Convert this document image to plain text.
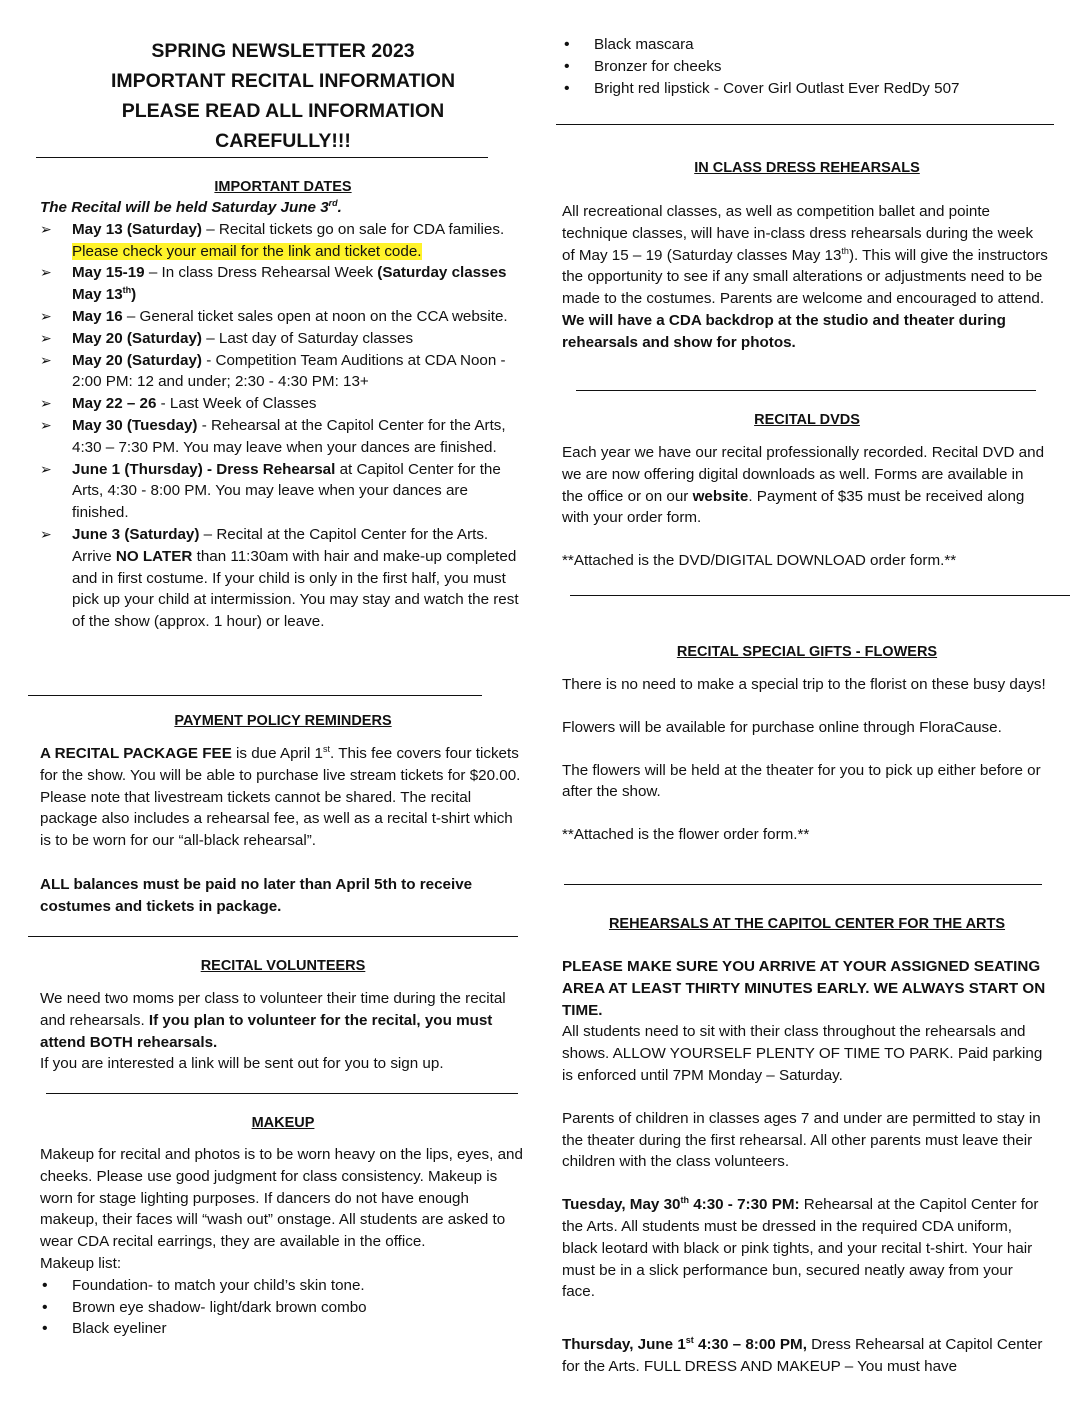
SPRING NEWSLETTER 2023
IMPORTANT RECITAL INFORMATION
PLEASE READ ALL INFORMATION
CAREFULLY!!!
IMPORTANT DATES

The Recital will be held Saturday June 3rd.

➢ May 13 (Saturday) – Recital tickets go on sale for CDA families. Please check your email for the link and ticket code.
➢ May 15-19 – In class Dress Rehearsal Week (Saturday classes May 13th)
➢ May 16 – General ticket sales open at noon on the CCA website.
➢ May 20 (Saturday) – Last day of Saturday classes
➢ May 20 (Saturday) - Competition Team Auditions at CDA Noon - 2:00 PM: 12 and under; 2:30 - 4:30 PM: 13+
➢ May 22 – 26 - Last Week of Classes
➢ May 30 (Tuesday) - Rehearsal at the Capitol Center for the Arts, 4:30 – 7:30 PM. You may leave when your dances are finished.
➢ June 1 (Thursday) - Dress Rehearsal at Capitol Center for the Arts, 4:30 - 8:00 PM. You may leave when your dances are finished.
➢ June 3 (Saturday) – Recital at the Capitol Center for the Arts. Arrive NO LATER than 11:30am with hair and make-up completed and in first costume. If your child is only in the first half, you must pick up your child at intermission. You may stay and watch the rest of the show (approx. 1 hour) or leave.
PAYMENT POLICY REMINDERS

A RECITAL PACKAGE FEE is due April 1st. This fee covers four tickets for the show. You will be able to purchase live stream tickets for $20.00. Please note that livestream tickets cannot be shared. The recital package also includes a rehearsal fee, as well as a recital t-shirt which is to be worn for our “all-black rehearsal”.

ALL balances must be paid no later than April 5th to receive costumes and tickets in package.

RECITAL VOLUNTEERS

We need two moms per class to volunteer their time during the recital and rehearsals. If you plan to volunteer for the recital, you must attend BOTH rehearsals.

If you are interested a link will be sent out for you to sign up.

MAKEUP

Makeup for recital and photos is to be worn heavy on the lips, eyes, and cheeks. Please use good judgment for class consistency. Makeup is worn for stage lighting purposes. If dancers do not have enough makeup, their faces will “wash out” onstage. All students are asked to wear CDA recital earrings, they are available in the office.

Makeup list:

• Foundation- to match your child’s skin tone.
• Brown eye shadow- light/dark brown combo
• Black eyeliner
• Black mascara
• Bronzer for cheeks
• Bright red lipstick - Cover Girl Outlast Ever RedDy 507
IN CLASS DRESS REHEARSALS

All recreational classes, as well as competition ballet and pointe technique classes, will have in-class dress rehearsals during the week of May 15 – 19 (Saturday classes May 13th). This will give the instructors the opportunity to see if any small alterations or adjustments need to be made to the costumes. Parents are welcome and encouraged to attend.

We will have a CDA backdrop at the studio and theater during rehearsals and show for photos.

RECITAL DVDS

Each year we have our recital professionally recorded. Recital DVD and we are now offering digital downloads as well. Forms are available in the office or on our website. Payment of $35 must be received along with your order form.

**Attached is the DVD/DIGITAL DOWNLOAD order form.**

RECITAL SPECIAL GIFTS - FLOWERS

There is no need to make a special trip to the florist on these busy days!

Flowers will be available for purchase online through FloraCause.

The flowers will be held at the theater for you to pick up either before or after the show.

**Attached is the flower order form.**

REHEARSALS AT THE CAPITOL CENTER FOR THE ARTS

PLEASE MAKE SURE YOU ARRIVE AT YOUR ASSIGNED SEATING AREA AT LEAST THIRTY MINUTES EARLY. WE ALWAYS START ON TIME.

All students need to sit with their class throughout the rehearsals and shows. ALLOW YOURSELF PLENTY OF TIME TO PARK. Paid parking is enforced until 7PM Monday – Saturday.

Parents of children in classes ages 7 and under are permitted to stay in the theater during the first rehearsal. All other parents must leave their children with the class volunteers.

Tuesday, May 30th 4:30 - 7:30 PM: Rehearsal at the Capitol Center for the Arts. All students must be dressed in the required CDA uniform, black leotard with black or pink tights, and your recital t-shirt. Your hair must be in a slick performance bun, secured neatly away from your face.

Thursday, June 1st 4:30 – 8:00 PM, Dress Rehearsal at Capitol Center for the Arts. FULL DRESS AND MAKEUP – You must have
